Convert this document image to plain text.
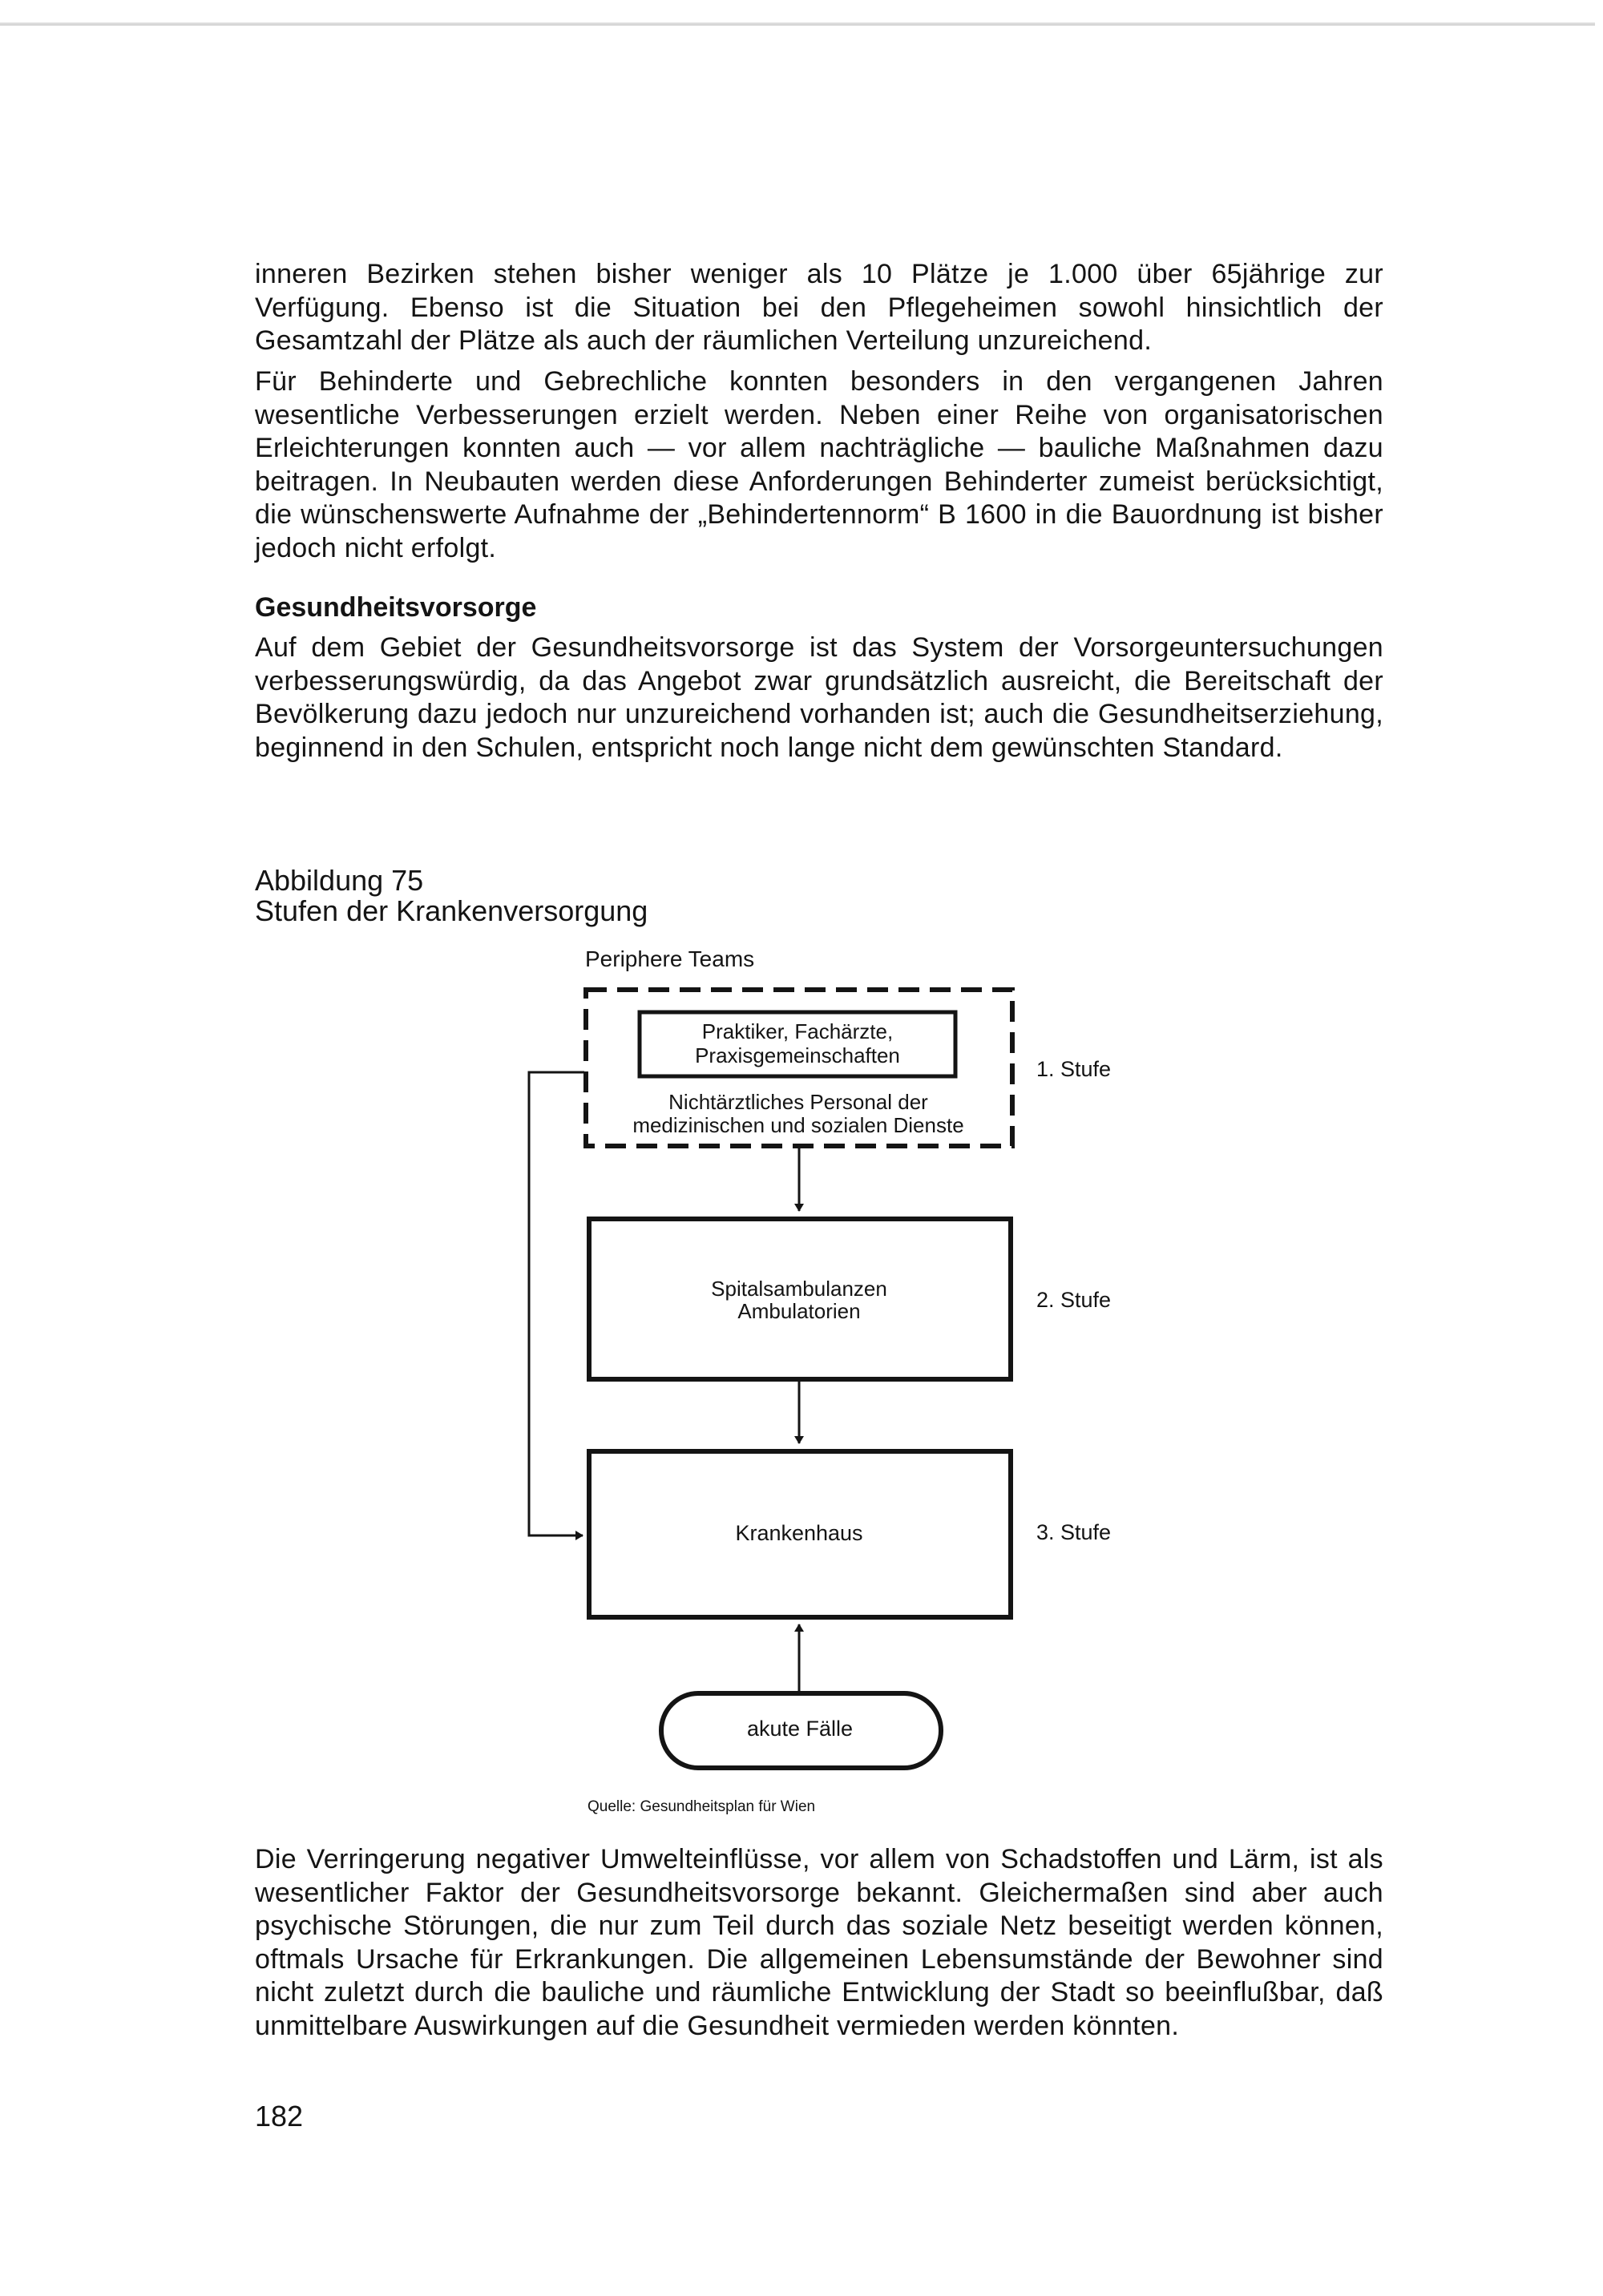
inneren Bezirken stehen bisher weniger als 10 Plätze je 1.000 über 65jährige zur Verfügung. Ebenso ist die Situation bei den Pflegeheimen sowohl hinsichtlich der Gesamtzahl der Plätze als auch der räumlichen Verteilung unzureichend.

Für Behinderte und Gebrechliche konnten besonders in den vergangenen Jahren wesentliche Verbesserungen erzielt werden. Neben einer Reihe von organisatorischen Erleichterungen konnten auch — vor allem nachträgliche — bauliche Maßnahmen dazu beitragen. In Neubauten werden diese Anforderungen Behinderter zumeist berücksichtigt, die wünschenswerte Aufnahme der „Behindertennorm“ B 1600 in die Bauordnung ist bisher jedoch nicht erfolgt.

Gesundheitsvorsorge

Auf dem Gebiet der Gesundheitsvorsorge ist das System der Vorsorgeuntersuchungen verbesserungswürdig, da das Angebot zwar grundsätzlich ausreicht, die Bereitschaft der Bevölkerung dazu jedoch nur unzureichend vorhanden ist; auch die Gesundheitserziehung, beginnend in den Schulen, entspricht noch lange nicht dem gewünschten Standard.

Abbildung 75

Stufen der Krankenversorgung

Periphere Teams
Praktiker, Fachärzte,
Praxisgemeinschaften
Nichtärztliches Personal der
medizinischen und sozialen Dienste
1. Stufe
Spitalsambulanzen
Ambulatorien	2. Stufe
Krankenhaus	3. Stufe
akute Fälle

Quelle: Gesundheitsplan für Wien

Die Verringerung negativer Umwelteinflüsse, vor allem von Schadstoffen und Lärm, ist als wesentlicher Faktor der Gesundheitsvorsorge bekannt. Gleichermaßen sind aber auch psychische Störungen, die nur zum Teil durch das soziale Netz beseitigt werden können, oftmals Ursache für Erkrankungen. Die allgemeinen Lebensumstände der Bewohner sind nicht zuletzt durch die bauliche und räumliche Entwicklung der Stadt so beeinflußbar, daß unmittelbare Auswirkungen auf die Gesundheit vermieden werden könnten.

182
